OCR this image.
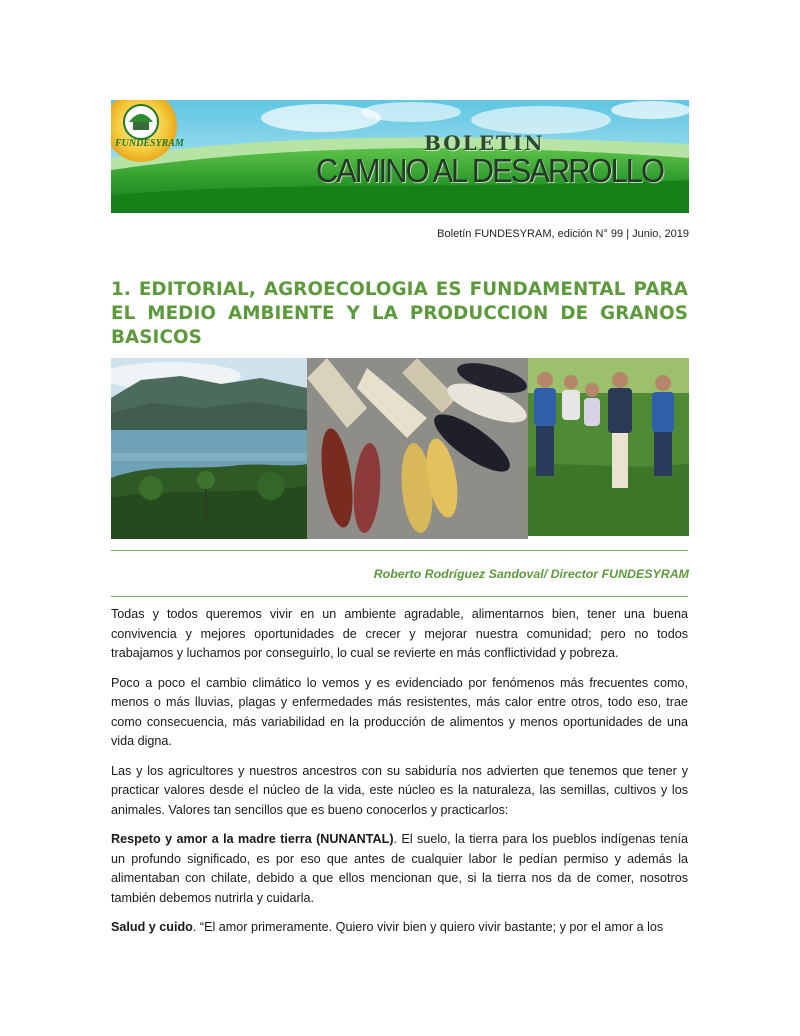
FUNDESYRAM	BOLETIN
CAMINO AL DESARROLLO
Boletín FUNDESYRAM, edición N° 99 | Junio, 2019
1. EDITORIAL, AGROECOLOGIA ES FUNDAMENTAL PARA EL MEDIO AMBIENTE Y LA PRODUCCION DE GRANOS BASICOS
Roberto Rodríguez Sandoval/ Director FUNDESYRAM

Todas y todos queremos vivir en un ambiente agradable, alimentarnos bien, tener una buena convivencia y mejores oportunidades de crecer y mejorar nuestra comunidad; pero no todos trabajamos y luchamos por conseguirlo, lo cual se revierte en más conflictividad y pobreza.

Poco a poco el cambio climático lo vemos y es evidenciado por fenómenos más frecuentes como, menos o más lluvias, plagas y enfermedades más resistentes, más calor entre otros, todo eso, trae como consecuencia, más variabilidad en la producción de alimentos y menos oportunidades de una vida digna.

Las y los agricultores y nuestros ancestros con su sabiduría nos advierten que tenemos que tener y practicar valores desde el núcleo de la vida, este núcleo es la naturaleza, las semillas, cultivos y los animales. Valores tan sencillos que es bueno conocerlos y practicarlos:

Respeto y amor a la madre tierra (NUNANTAL). El suelo, la tierra para los pueblos indígenas tenía un profundo significado, es por eso que antes de cualquier labor le pedían permiso y además la alimentaban con chilate, debido a que ellos mencionan que, si la tierra nos da de comer, nosotros también debemos nutrirla y cuidarla.

Salud y cuido. “El amor primeramente. Quiero vivir bien y quiero vivir bastante; y por el amor a los
